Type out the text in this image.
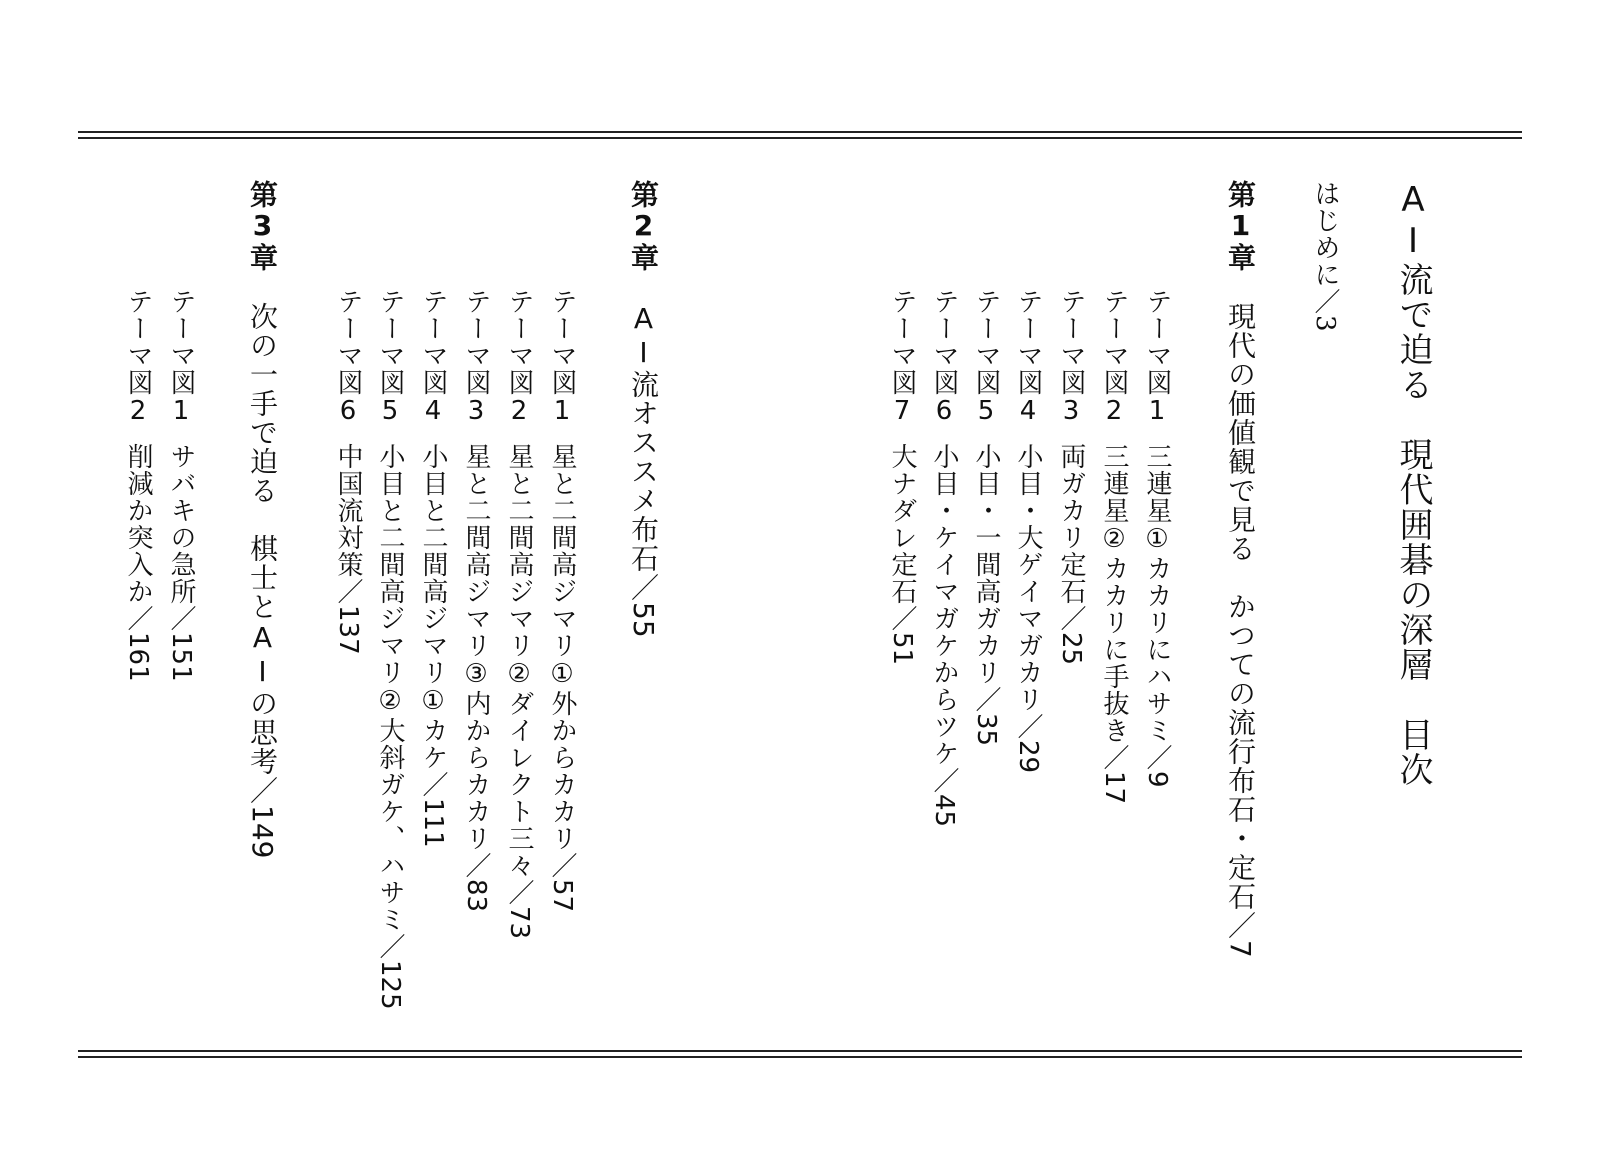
AI流で迫る　現代囲碁の深層　目次
はじめに／3
第1章現代の価値観で見る　かつての流行布石・定石／7
テーマ図1三連星①カカリにハサミ／9
テーマ図2三連星②カカリに手抜き／17
テーマ図3両ガカリ定石／25
テーマ図4小目・大ゲイマガカリ／29
テーマ図5小目・一間高ガカリ／35
テーマ図6小目・ケイマガケからツケ／45
テーマ図7大ナダレ定石／51
第2章AI流オススメ布石／55
テーマ図1星と二間高ジマリ①外からカカリ／57
テーマ図2星と二間高ジマリ②ダイレクト三々／73
テーマ図3星と二間高ジマリ③内からカカリ／83
テーマ図4小目と二間高ジマリ①カケ／111
テーマ図5小目と二間高ジマリ②大斜ガケ、ハサミ／125
テーマ図6中国流対策／137
第3章次の一手で迫る　棋士とAIの思考／149
テーマ図1サバキの急所／151
テーマ図2削減か突入か／161
